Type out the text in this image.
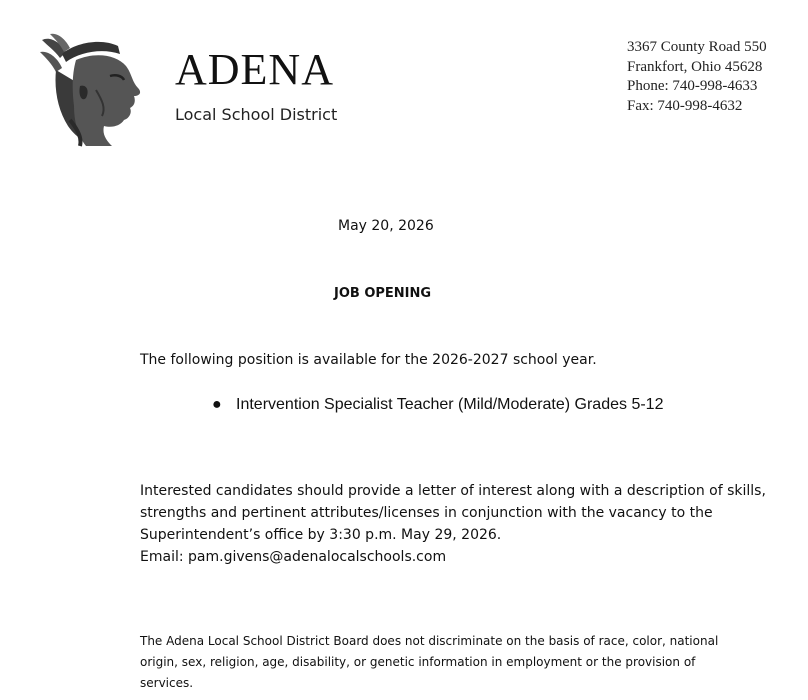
ADENA
Local School District
3367 County Road 550
Frankfort, Ohio 45628
Phone: 740-998-4633
Fax: 740-998-4632
May 20, 2026
JOB OPENING
The following position is available for the 2026-2027 school year.
● Intervention Specialist Teacher (Mild/Moderate) Grades 5-12
Interested candidates should provide a letter of interest along with a description of skills,
strengths and pertinent attributes/licenses in conjunction with the vacancy to the
Superintendent’s office by 3:30 p.m. May 29, 2026.
Email: pam.givens@adenalocalschools.com
The Adena Local School District Board does not discriminate on the basis of race, color, national
origin, sex, religion, age, disability, or genetic information in employment or the provision of
services.
